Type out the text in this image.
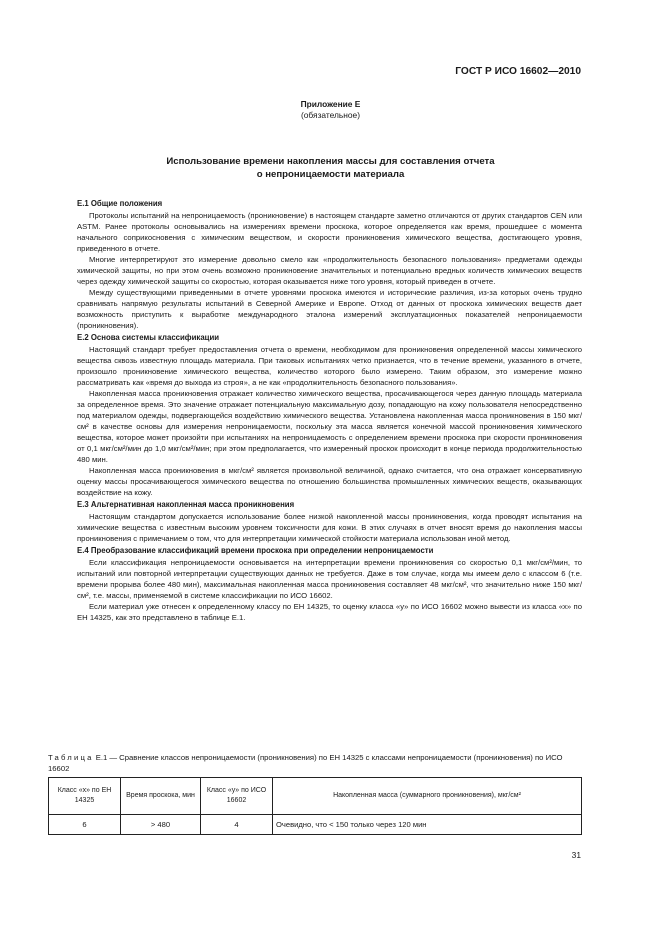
ГОСТ Р ИСО 16602—2010
Приложение Е
(обязательное)
Использование времени накопления массы для составления отчета
о непроницаемости материала
Е.1 Общие положения

Протоколы испытаний на непроницаемость (проникновение) в настоящем стандарте заметно отличаются от других стандартов CEN или ASTM. Ранее протоколы основывались на измерениях времени проскока, которое определяется как время, прошедшее с момента начального соприкосновения с химическим веществом, и скорости проникновения химического вещества, достигающего уровня, приведенного в отчете.

Многие интерпретируют это измерение довольно смело как «продолжительность безопасного пользования» предметами одежды химической защиты, но при этом очень возможно проникновение значительных и потенциально вредных количеств химических веществ через одежду химической защиты со скоростью, которая оказывается ниже того уровня, который приведен в отчете.

Между существующими приведенными в отчете уровнями проскока имеются и исторические различия, из-за которых очень трудно сравнивать напрямую результаты испытаний в Северной Америке и Европе. Отход от данных от проскока химических веществ дает возможность приступить к выработке международного эталона измерений эксплуатационных показателей непроницаемости (проникновения).

Е.2 Основа системы классификации

Настоящий стандарт требует предоставления отчета о времени, необходимом для проникновения определенной массы химического вещества сквозь известную площадь материала. При таковых испытаниях четко признается, что в течение времени, указанного в отчете, произошло проникновение химического вещества, количество которого было измерено. Таким образом, это измерение можно рассматривать как «время до выхода из строя», а не как «продолжительность безопасного пользования».

Накопленная масса проникновения отражает количество химического вещества, просачивающегося через данную площадь материала за определенное время. Это значение отражает потенциальную максимальную дозу, попадающую на кожу пользователя непосредственно под материалом одежды, подвергающейся воздействию химического вещества. Установлена накопленная масса проникновения в 150 мкг/см² в качестве основы для измерения непроницаемости, поскольку эта масса является конечной массой проникновения химического вещества, которое может произойти при испытаниях на непроницаемость с определением времени проскока при скорости проникновения от 0,1 мкг/см²/мин до 1,0 мкг/см²/мин; при этом предполагается, что измеренный проскок происходит в конце периода продолжительностью 480 мин.

Накопленная масса проникновения в мкг/см² является произвольной величиной, однако считается, что она отражает консервативную оценку массы просачивающегося химического вещества по отношению большинства промышленных химических веществ, оказывающих воздействие на кожу.

Е.3 Альтернативная накопленная масса проникновения

Настоящим стандартом допускается использование более низкой накопленной массы проникновения, когда проводят испытания на химические вещества с известным высоким уровнем токсичности для кожи. В этих случаях в отчет вносят время до накопления массы проникновения с примечанием о том, что для интерпретации химической стойкости материала использован иной метод.

Е.4 Преобразование классификаций времени проскока при определении непроницаемости

Если классификация непроницаемости основывается на интерпретации времени проникновения со скоростью 0,1 мкг/см²/мин, то испытаний или повторной интерпретации существующих данных не требуется. Даже в том случае, когда мы имеем дело с классом 6 (т.е. времени прорыва более 480 мин), максимальная накопленная масса проникновения составляет 48 мкг/см², что значительно ниже 150 мкг/см², т.е. массы, применяемой в системе классификации по ИСО 16602.

Если материал уже отнесен к определенному классу по ЕН 14325, то оценку класса «у» по ИСО 16602 можно вывести из класса «х» по ЕН 14325, как это представлено в таблице Е.1.

Таблица Е.1 — Сравнение классов непроницаемости (проникновения) по ЕН 14325 с классами непроницаемости (проникновения) по ИСО 16602
Класс «х» по ЕН 14325	Время проскока, мин	Класс «у» по ИСО 16602	Накопленная масса (суммарного проникновения), мкг/см²
6	> 480	4	Очевидно, что < 150 только через 120 мин
31
